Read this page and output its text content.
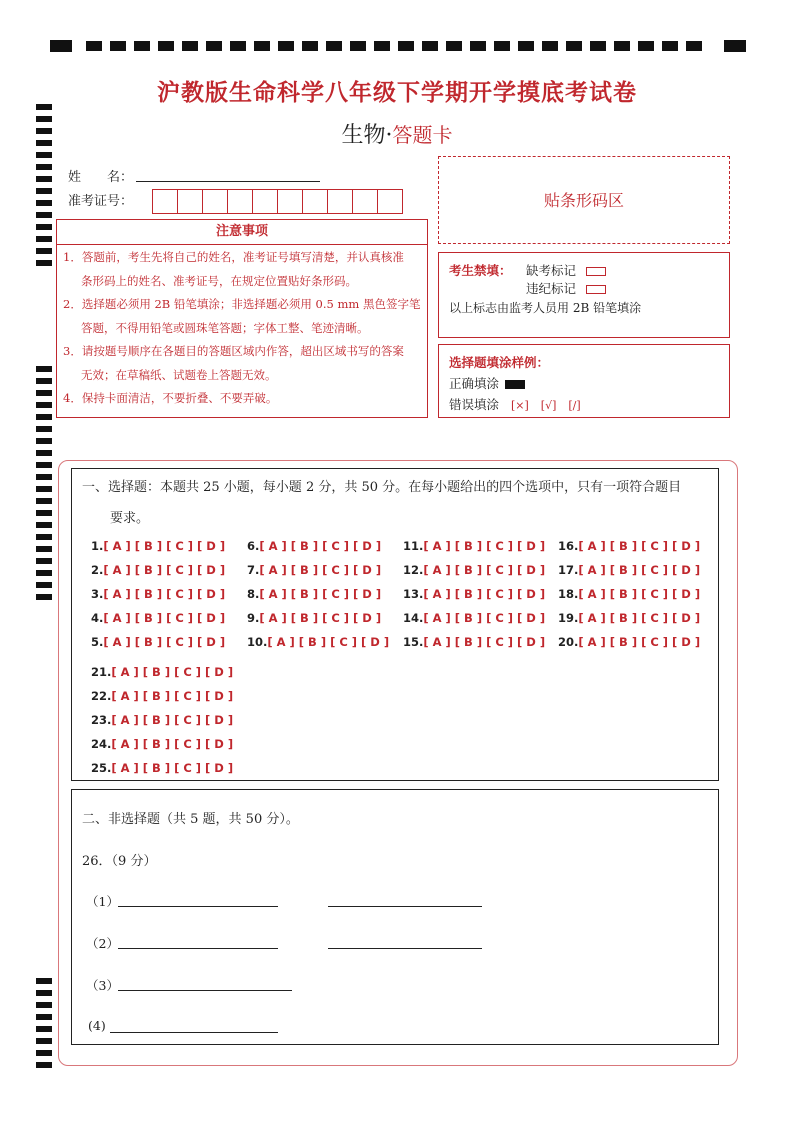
沪教版生命科学八年级下学期开学摸底考试卷
生物·答题卡
姓　　名：
准考证号：	贴条形码区
注意事项

1．答题前，考生先将自己的姓名，准考证号填写清楚，并认真核准

条形码上的姓名、准考证号，在规定位置贴好条形码。

2．选择题必须用 2B 铅笔填涂；非选择题必须用 0.5 mm 黑色签字笔

答题，不得用铅笔或圆珠笔答题；字体工整、笔迹清晰。

3．请按题号顺序在各题目的答题区域内作答，超出区域书写的答案

无效；在草稿纸、试题卷上答题无效。

4．保持卡面清洁，不要折叠、不要弄破。

考生禁填： 缺考标记
违纪标记
以上标志由监考人员用 2B 铅笔填涂
选择题填涂样例：
正确填涂
错误填涂 [×] [√] [/]
一、选择题：本题共 25 小题，每小题 2 分，共 50 分。在每小题给出的四个选项中，只有一项符合题目
要求。
1.[ A ] [ B ] [ C ] [ D ]
2.[ A ] [ B ] [ C ] [ D ]
3.[ A ] [ B ] [ C ] [ D ]
4.[ A ] [ B ] [ C ] [ D ]
5.[ A ] [ B ] [ C ] [ D ]
6.[ A ] [ B ] [ C ] [ D ]
7.[ A ] [ B ] [ C ] [ D ]
8.[ A ] [ B ] [ C ] [ D ]
9.[ A ] [ B ] [ C ] [ D ]
10.[ A ] [ B ] [ C ] [ D ]
11.[ A ] [ B ] [ C ] [ D ]
12.[ A ] [ B ] [ C ] [ D ]
13.[ A ] [ B ] [ C ] [ D ]
14.[ A ] [ B ] [ C ] [ D ]
15.[ A ] [ B ] [ C ] [ D ]
16.[ A ] [ B ] [ C ] [ D ]
17.[ A ] [ B ] [ C ] [ D ]
18.[ A ] [ B ] [ C ] [ D ]
19.[ A ] [ B ] [ C ] [ D ]
20.[ A ] [ B ] [ C ] [ D ]
21.[ A ] [ B ] [ C ] [ D ]
22.[ A ] [ B ] [ C ] [ D ]
23.[ A ] [ B ] [ C ] [ D ]
24.[ A ] [ B ] [ C ] [ D ]
25.[ A ] [ B ] [ C ] [ D ]
二、非选择题（共 5 题，共 50 分）。
26．（9 分）
（1）
（2）
（3）
(4)
